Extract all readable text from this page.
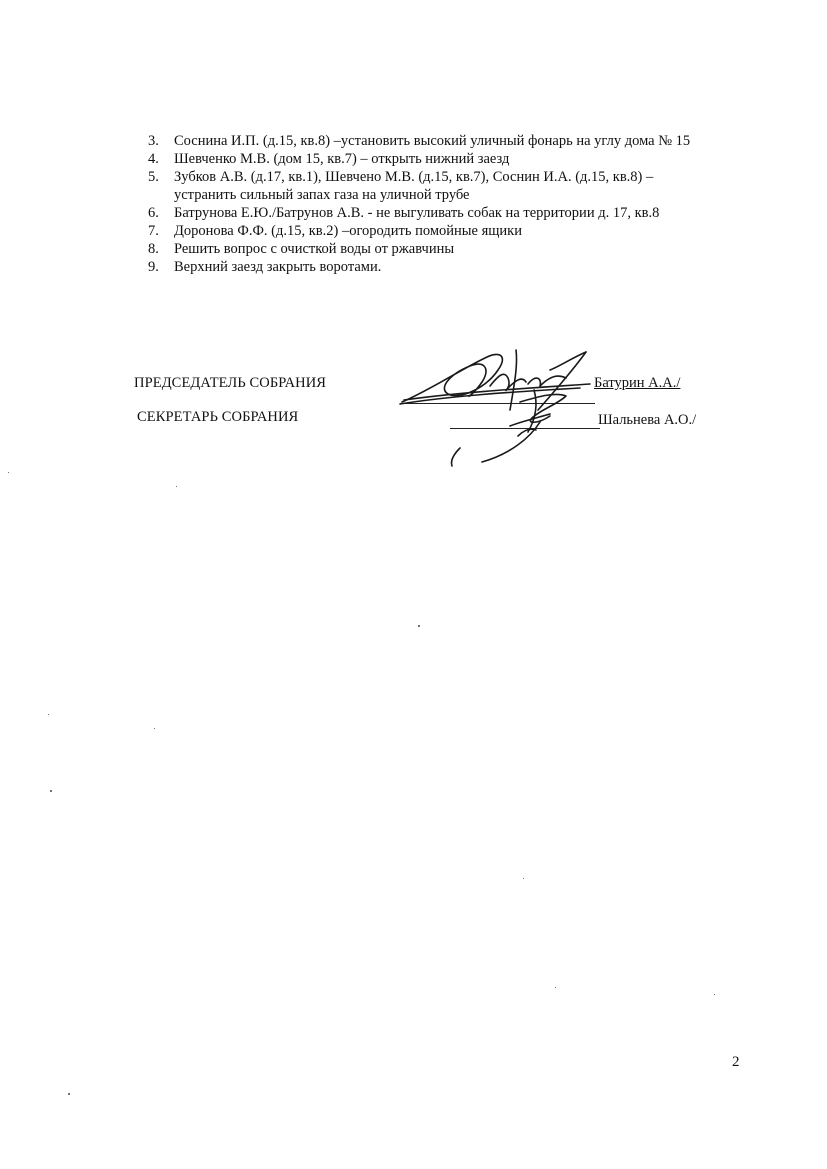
3.	Соснина И.П. (д.15, кв.8) –установить высокий уличный фонарь на углу дома № 15
4.	Шевченко М.В. (дом 15, кв.7) – открыть нижний заезд
5.	Зубков А.В. (д.17, кв.1), Шевчено М.В. (д.15, кв.7), Соснин И.А. (д.15, кв.8) –
устранить сильный запах газа на уличной трубе
6.	Батрунова Е.Ю./Батрунов А.В. - не выгуливать собак на территории д. 17, кв.8
7.	Доронова Ф.Ф. (д.15, кв.2) –огородить помойные ящики
8.	Решить вопрос с очисткой воды от ржавчины
9.	Верхний заезд закрыть воротами.
ПРЕДСЕДАТЕЛЬ СОБРАНИЯ	Батурин А.А./
СЕКРЕТАРЬ СОБРАНИЯ	Шальнева А.О./
2
